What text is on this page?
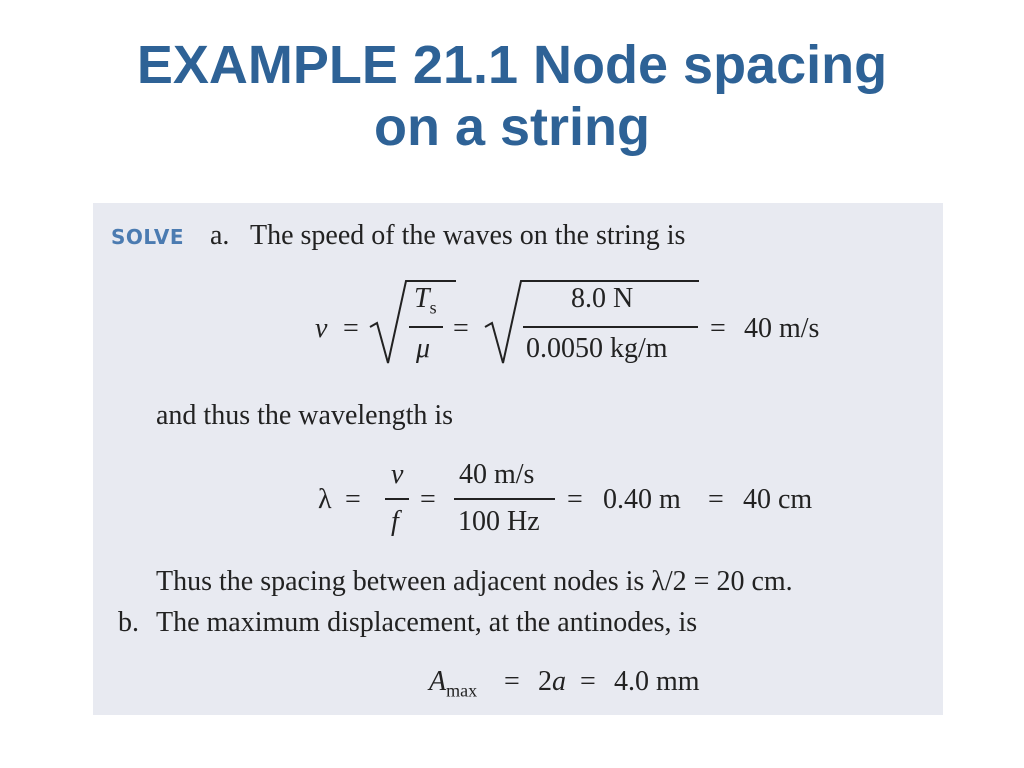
EXAMPLE 21.1 Node spacing
on a string
SOLVE a. The speed of the waves on the string is
v =
$T_s$
μ
=
8.0 N
0.0050 kg/m
= 40 m/s
and thus the wavelength is
λ =
v
f
=
40 m/s
100 Hz
= 0.40 m = 40 cm
Thus the spacing between adjacent nodes is λ/2 = 20 cm.
b. The maximum displacement, at the antinodes, is
$A_{max} = 2a = 4.0$ mm
